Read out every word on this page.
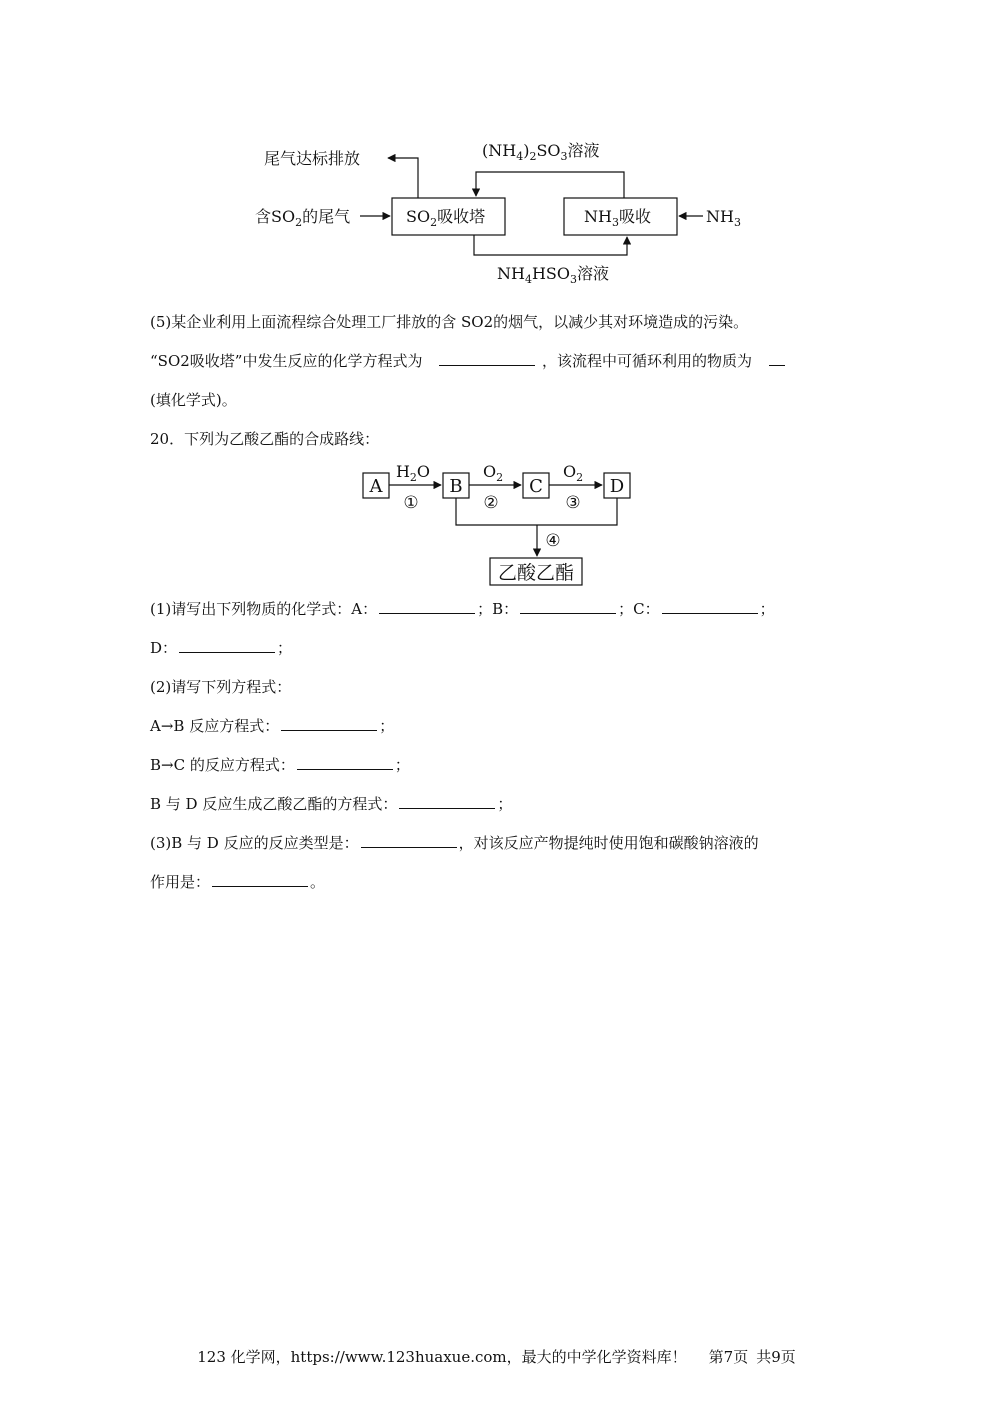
尾气达标排放	$(NH_4)_2SO_3$溶液
含$SO_2$的尾气	$SO_2$吸收塔	$NH_3$吸收	$NH_3$
$NH_4HSO_3$溶液
(5)某企业利用上面流程综合处理工厂排放的含 SO2的烟气，以减少其对环境造成的污染。
“SO2吸收塔”中发生反应的化学方程式为	，该流程中可循环利用的物质为
(填化学式)。
20．下列为乙酸乙酯的合成路线：
A	B	C	D
$H_2O$	$O_2$	$O_2$
①	②	③
④
乙酸乙酯
(1)请写出下列物质的化学式：A：	；B：	；C：	；
D：	；
(2)请写下列方程式：
A→B 反应方程式：	；
B→C 的反应方程式：	；
B 与 D 反应生成乙酸乙酯的方程式：	；
(3)B 与 D 反应的反应类型是：	，对该反应产物提纯时使用饱和碳酸钠溶液的
作用是：	。
123 化学网，https://www.123huaxue.com，最大的中学化学资料库！ 第7页 共9页
